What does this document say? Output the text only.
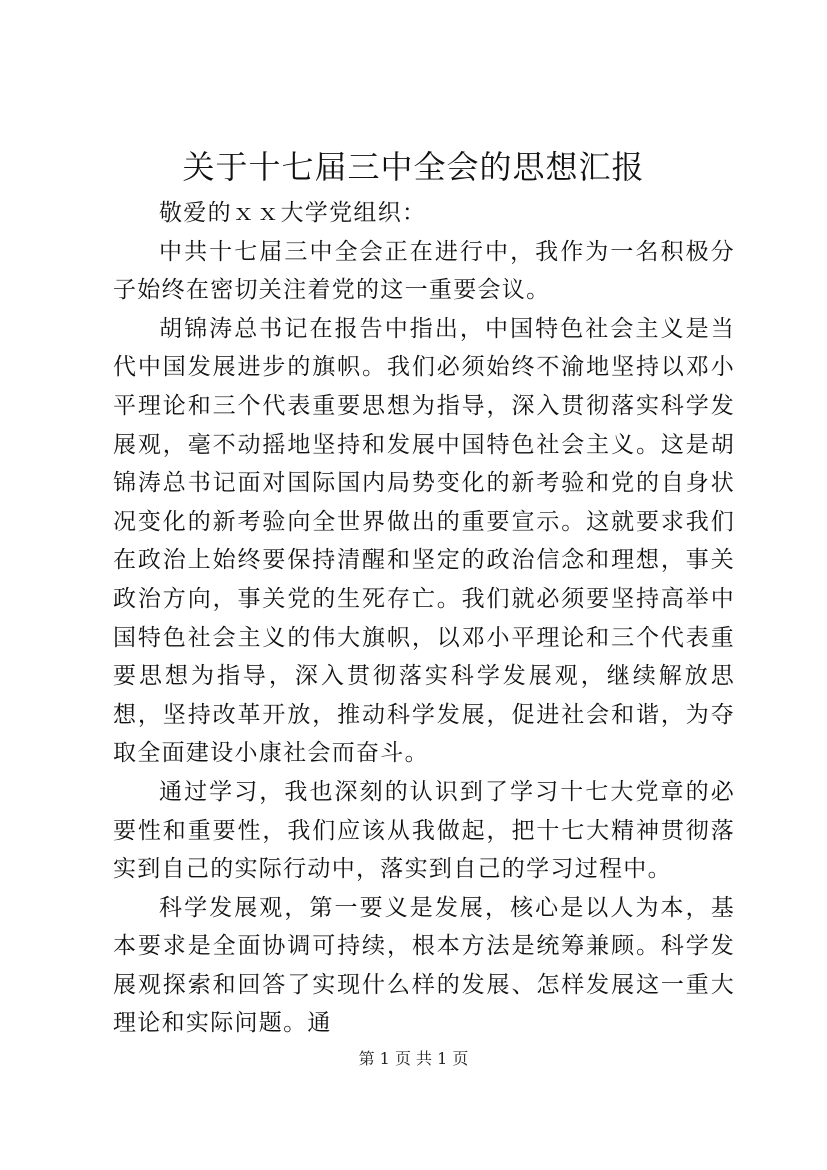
关于十七届三中全会的思想汇报

敬爱的ｘｘ大学党组织：

中共十七届三中全会正在进行中，我作为一名积极分子始终在密切关注着党的这一重要会议。

胡锦涛总书记在报告中指出，中国特色社会主义是当代中国发展进步的旗帜。我们必须始终不渝地坚持以邓小平理论和三个代表重要思想为指导，深入贯彻落实科学发展观，毫不动摇地坚持和发展中国特色社会主义。这是胡锦涛总书记面对国际国内局势变化的新考验和党的自身状况变化的新考验向全世界做出的重要宣示。这就要求我们在政治上始终要保持清醒和坚定的政治信念和理想，事关政治方向，事关党的生死存亡。我们就必须要坚持高举中国特色社会主义的伟大旗帜，以邓小平理论和三个代表重要思想为指导，深入贯彻落实科学发展观，继续解放思想，坚持改革开放，推动科学发展，促进社会和谐，为夺取全面建设小康社会而奋斗。

通过学习，我也深刻的认识到了学习十七大党章的必要性和重要性，我们应该从我做起，把十七大精神贯彻落实到自己的实际行动中，落实到自己的学习过程中。

科学发展观，第一要义是发展，核心是以人为本，基本要求是全面协调可持续，根本方法是统筹兼顾。科学发展观探索和回答了实现什么样的发展、怎样发展这一重大理论和实际问题。通

第 1 页 共 1 页
